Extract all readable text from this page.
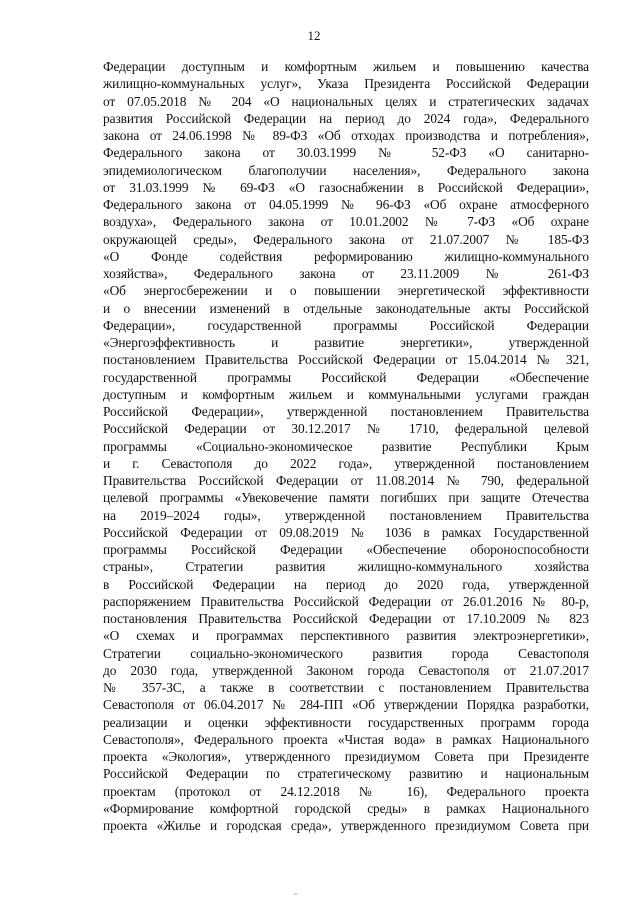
12
Федерации доступным и комфортным жильем и повышению качества
жилищно-коммунальных услуг», Указа Президента Российской Федерации
от 07.05.2018 № 204 «О национальных целях и стратегических задачах
развития Российской Федерации на период до 2024 года», Федерального
закона от 24.06.1998 № 89-ФЗ «Об отходах производства и потребления»,
Федерального закона от 30.03.1999 № 52-ФЗ «О санитарно-
эпидемиологическом благополучии населения», Федерального закона
от 31.03.1999 № 69-ФЗ «О газоснабжении в Российской Федерации»,
Федерального закона от 04.05.1999 № 96-ФЗ «Об охране атмосферного
воздуха», Федерального закона от 10.01.2002 № 7-ФЗ «Об охране
окружающей среды», Федерального закона от 21.07.2007 № 185-ФЗ
«О Фонде содействия реформированию жилищно-коммунального
хозяйства», Федерального закона от 23.11.2009 № 261-ФЗ
«Об энергосбережении и о повышении энергетической эффективности
и о внесении изменений в отдельные законодательные акты Российской
Федерации», государственной программы Российской Федерации
«Энергоэффективность и развитие энергетики», утвержденной
постановлением Правительства Российской Федерации от 15.04.2014 № 321,
государственной программы Российской Федерации «Обеспечение
доступным и комфортным жильем и коммунальными услугами граждан
Российской Федерации», утвержденной постановлением Правительства
Российской Федерации от 30.12.2017 № 1710, федеральной целевой
программы «Социально-экономическое развитие Республики Крым
и г. Севастополя до 2022 года», утвержденной постановлением
Правительства Российской Федерации от 11.08.2014 № 790, федеральной
целевой программы «Увековечение памяти погибших при защите Отечества
на 2019–2024 годы», утвержденной постановлением Правительства
Российской Федерации от 09.08.2019 № 1036 в рамках Государственной
программы Российской Федерации «Обеспечение обороноспособности
страны», Стратегии развития жилищно-коммунального хозяйства
в Российской Федерации на период до 2020 года, утвержденной
распоряжением Правительства Российской Федерации от 26.01.2016 № 80-р,
постановления Правительства Российской Федерации от 17.10.2009 № 823
«О схемах и программах перспективного развития электроэнергетики»,
Стратегии социально-экономического развития города Севастополя
до 2030 года, утвержденной Законом города Севастополя от 21.07.2017
№ 357-ЗС, а также в соответствии с постановлением Правительства
Севастополя от 06.04.2017 № 284-ПП «Об утверждении Порядка разработки,
реализации и оценки эффективности государственных программ города
Севастополя», Федерального проекта «Чистая вода» в рамках Национального
проекта «Экология», утвержденного президиумом Совета при Президенте
Российской Федерации по стратегическому развитию и национальным
проектам (протокол от 24.12.2018 № 16), Федерального проекта
«Формирование комфортной городской среды» в рамках Национального
проекта «Жилье и городская среда», утвержденного президиумом Совета при
